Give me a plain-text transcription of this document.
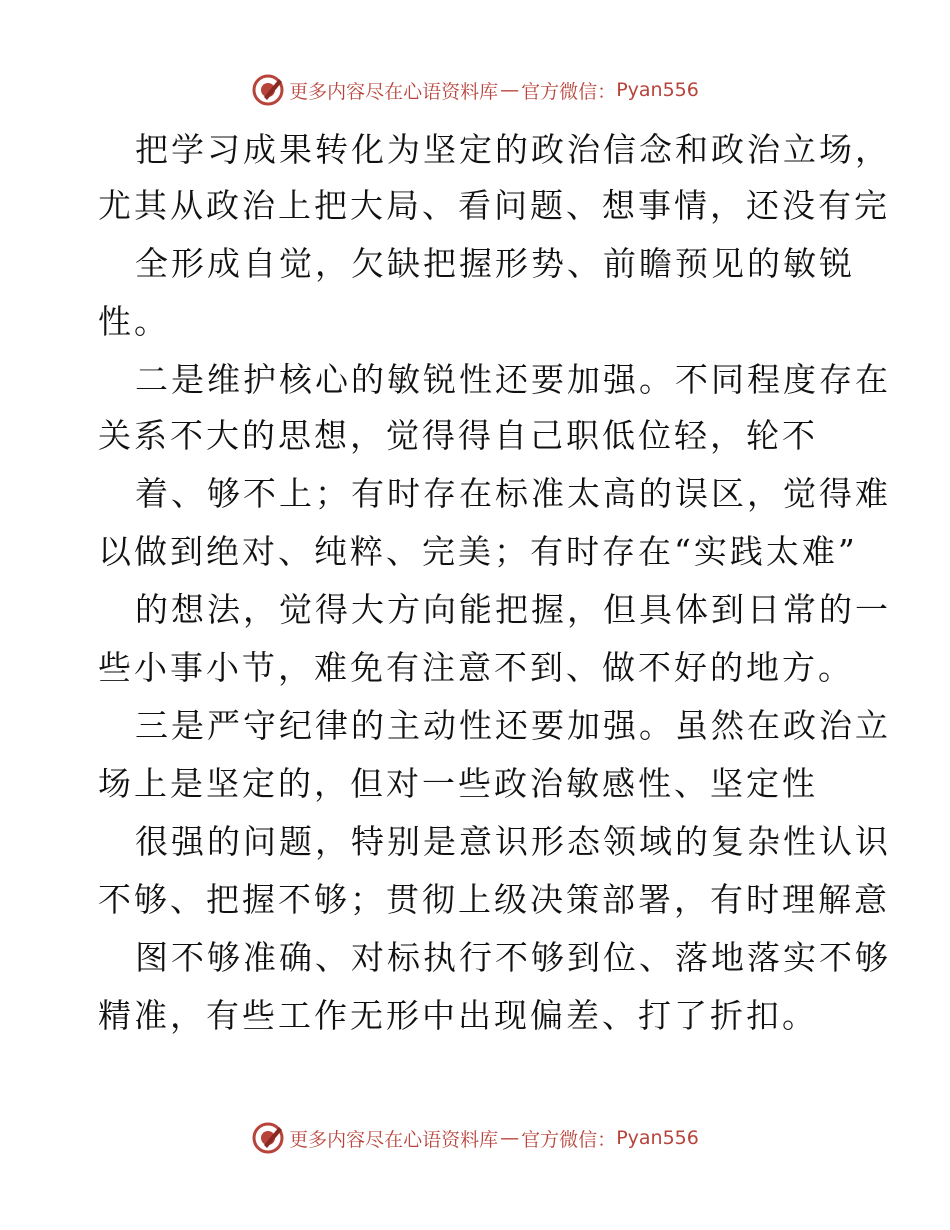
更多内容尽在心语资料库 — 官方微信： Pyan556
把学习成果转化为坚定的政治信念和政治立场，
尤其从政治上把大局、看问题、想事情，还没有完
全形成自觉，欠缺把握形势、前瞻预见的敏锐
性。
二是维护核心的敏锐性还要加强。不同程度存在
关系不大的思想，觉得得自己职低位轻，轮不
着、够不上；有时存在标准太高的误区，觉得难
以做到绝对、纯粹、完美；有时存在“实践太难”
的想法，觉得大方向能把握，但具体到日常的一
些小事小节，难免有注意不到、做不好的地方。
三是严守纪律的主动性还要加强。虽然在政治立
场上是坚定的，但对一些政治敏感性、坚定性
很强的问题，特别是意识形态领域的复杂性认识
不够、把握不够；贯彻上级决策部署，有时理解意
图不够准确、对标执行不够到位、落地落实不够
精准，有些工作无形中出现偏差、打了折扣。
更多内容尽在心语资料库 — 官方微信： Pyan556
